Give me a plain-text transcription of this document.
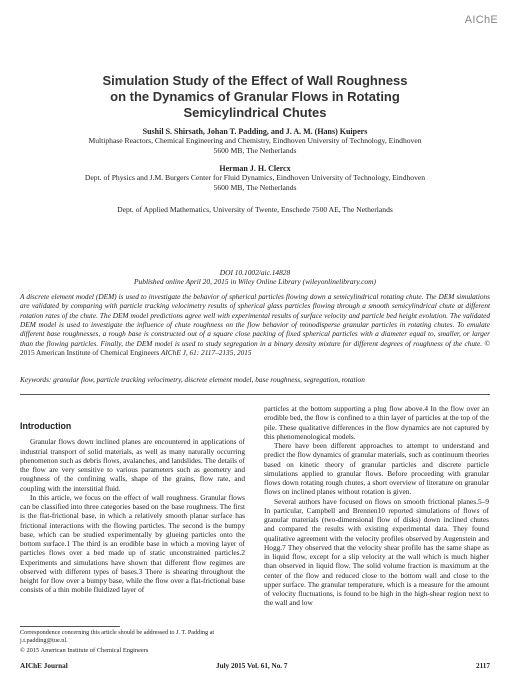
AIChE
Simulation Study of the Effect of Wall Roughness
on the Dynamics of Granular Flows in Rotating
Semicylindrical Chutes
Sushil S. Shirsath, Johan T. Padding, and J. A. M. (Hans) Kuipers
Multiphase Reactors, Chemical Engineering and Chemistry, Eindhoven University of Technology, Eindhoven
5600 MB, The Netherlands
Herman J. H. Clercx
Dept. of Physics and J.M. Burgers Center for Fluid Dynamics, Eindhoven University of Technology, Eindhoven
5600 MB, The Netherlands
Dept. of Applied Mathematics, University of Twente, Enschede 7500 AE, The Netherlands
DOI 10.1002/aic.14828
Published online April 20, 2015 in Wiley Online Library (wileyonlinelibrary.com)
A discrete element model (DEM) is used to investigate the behavior of spherical particles flowing down a semicylindrical rotating chute. The DEM simulations are validated by comparing with particle tracking velocimetry results of spherical glass particles flowing through a smooth semicylindrical chute at different rotation rates of the chute. The DEM model predictions agree well with experimental results of surface velocity and particle bed height evolution. The validated DEM model is used to investigate the influence of chute roughness on the flow behavior of monodisperse granular particles in rotating chutes. To emulate different base roughnesses, a rough base is constructed out of a square close packing of fixed spherical particles with a diameter equal to, smaller, or larger than the flowing particles. Finally, the DEM model is used to study segregation in a binary density mixture for different degrees of roughness of the chute. © 2015 American Institute of Chemical Engineers AIChE J, 61: 2117–2135, 2015
Keywords: granular flow, particle tracking velocimetry, discrete element model, base roughness, segregation, rotation
Introduction

Granular flows down inclined planes are encountered in applications of industrial transport of solid materials, as well as many naturally occurring phenomenon such as debris flows, avalanches, and landslides. The details of the flow are very sensitive to various parameters such as geometry and roughness of the confining walls, shape of the grains, flow rate, and coupling with the interstitial fluid.

In this article, we focus on the effect of wall roughness. Granular flows can be classified into three categories based on the base roughness. The first is the flat-frictional base, in which a relatively smooth planar surface has frictional interactions with the flowing particles. The second is the bumpy base, which can be studied experimentally by glueing particles onto the bottom surface.1 The third is an erodible base in which a moving layer of particles flows over a bed made up of static unconstrained particles.2 Experiments and simulations have shown that different flow regimes are observed with different types of bases.3 There is shearing throughout the height for flow over a bumpy base, while the flow over a flat-frictional base consists of a thin mobile fluidized layer of

particles at the bottom supporting a plug flow above.4 In the flow over an erodible bed, the flow is confined to a thin layer of particles at the top of the pile. These qualitative differences in the flow dynamics are not captured by this phenomenological models.

There have been different approaches to attempt to understand and predict the flow dynamics of granular materials, such as continuum theories based on kinetic theory of granular particles and discrete particle simulations applied to granular flows. Before proceeding with granular flows down rotating rough chutes, a short overview of literature on granular flows on inclined planes without rotation is given.

Several authors have focused on flows on smooth frictional planes.5–9 In particular, Campbell and Brennen10 reported simulations of flows of granular materials (two-dimensional flow of disks) down inclined chutes and compared the results with existing experimental data. They found qualitative agreement with the velocity profiles observed by Augenstein and Hogg.7 They observed that the velocity shear profile has the same shape as in liquid flow, except for a slip velocity at the wall which is much higher than observed in liquid flow. The solid volume fraction is maximum at the center of the flow and reduced close to the bottom wall and close to the upper surface. The granular temperature, which is a measure for the amount of velocity fluctuations, is found to be high in the high-shear region next to the wall and low

Correspondence concerning this article should be addressed to J. T. Padding at j.t.padding@tue.nl.
© 2015 American Institute of Chemical Engineers
AIChE Journal	July 2015 Vol. 61, No. 7	2117
